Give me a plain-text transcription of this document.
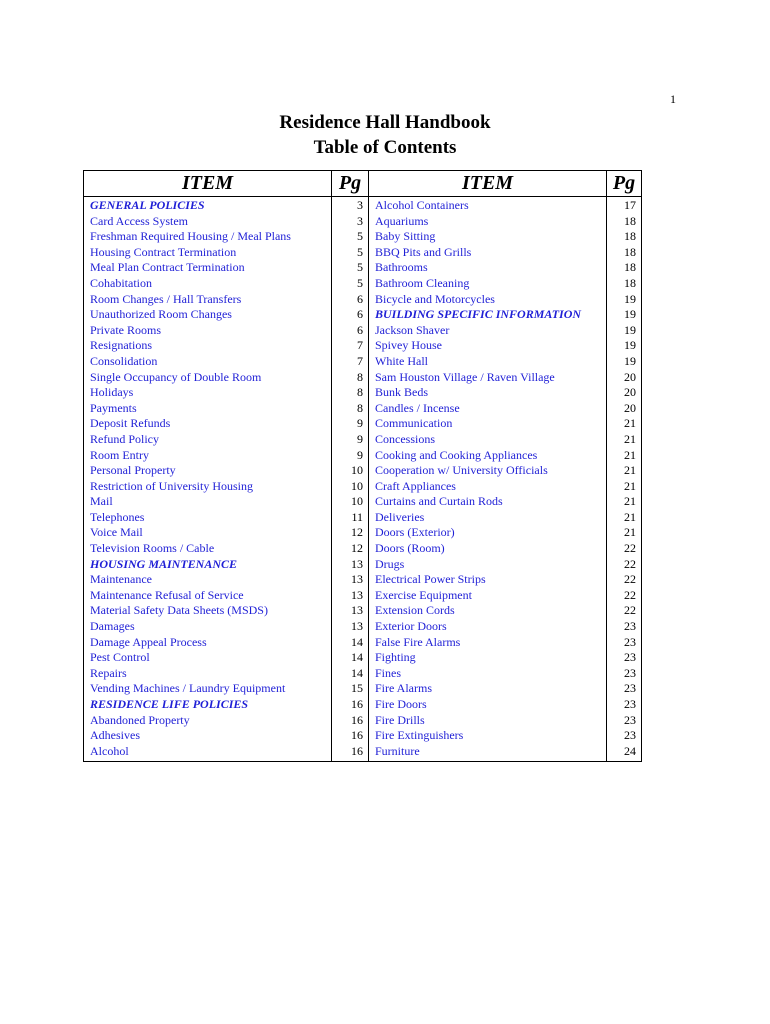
1
Residence Hall Handbook
Table of Contents
ITEM	Pg	ITEM	Pg
GENERAL POLICIES	3	Alcohol Containers	17
Card Access System	3	Aquariums	18
Freshman Required Housing / Meal Plans	5	Baby Sitting	18
Housing Contract Termination	5	BBQ Pits and Grills	18
Meal Plan Contract Termination	5	Bathrooms	18
Cohabitation	5	Bathroom Cleaning	18
Room Changes / Hall Transfers	6	Bicycle and Motorcycles	19
Unauthorized Room Changes	6	BUILDING SPECIFIC INFORMATION	19
Private Rooms	6	Jackson Shaver	19
Resignations	7	Spivey House	19
Consolidation	7	White Hall	19
Single Occupancy of Double Room	8	Sam Houston Village / Raven Village	20
Holidays	8	Bunk Beds	20
Payments	8	Candles / Incense	20
Deposit Refunds	9	Communication	21
Refund Policy	9	Concessions	21
Room Entry	9	Cooking and Cooking Appliances	21
Personal Property	10	Cooperation w/ University Officials	21
Restriction of University Housing	10	Craft Appliances	21
Mail	10	Curtains and Curtain Rods	21
Telephones	11	Deliveries	21
Voice Mail	12	Doors (Exterior)	21
Television Rooms / Cable	12	Doors (Room)	22
HOUSING MAINTENANCE	13	Drugs	22
Maintenance	13	Electrical Power Strips	22
Maintenance Refusal of Service	13	Exercise Equipment	22
Material Safety Data Sheets (MSDS)	13	Extension Cords	22
Damages	13	Exterior Doors	23
Damage Appeal Process	14	False Fire Alarms	23
Pest Control	14	Fighting	23
Repairs	14	Fines	23
Vending Machines / Laundry Equipment	15	Fire Alarms	23
RESIDENCE LIFE POLICIES	16	Fire Doors	23
Abandoned Property	16	Fire Drills	23
Adhesives	16	Fire Extinguishers	23
Alcohol	16	Furniture	24
